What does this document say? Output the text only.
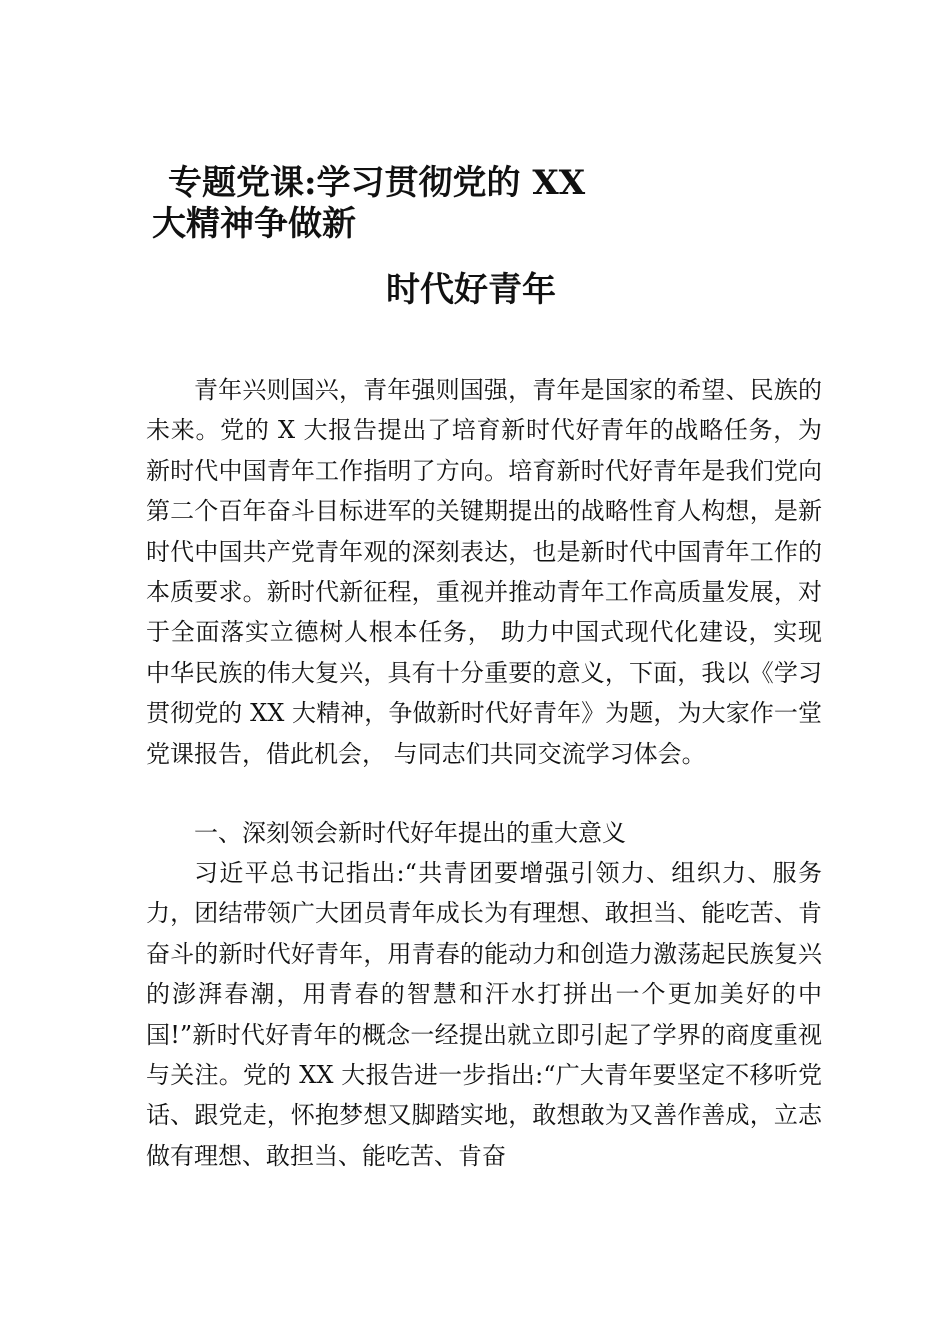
专题党课:学习贯彻党的 XX
大精神争做新
时代好青年

青年兴则国兴，青年强则国强，青年是国家的希望、民族的未来。党的 X 大报告提出了培育新时代好青年的战略任务，为新时代中国青年工作指明了方向。培育新时代好青年是我们党向第二个百年奋斗目标进军的关键期提出的战略性育人构想，是新时代中国共产党青年观的深刻表达，也是新时代中国青年工作的本质要求。新时代新征程，重视并推动青年工作高质量发展，对于全面落实立德树人根本任务， 助力中国式现代化建设，实现中华民族的伟大复兴，具有十分重要的意义，下面，我以《学习贯彻党的 XX 大精神，争做新时代好青年》为题，为大家作一堂党课报告，借此机会， 与同志们共同交流学习体会。

一、深刻领会新时代好年提出的重大意义

习近平总书记指出:“共青团要增强引领力、组织力、服务力，团结带领广大团员青年成长为有理想、敢担当、能吃苦、肯奋斗的新时代好青年，用青春的能动力和创造力激荡起民族复兴的澎湃春潮，用青春的智慧和汗水打拼出一个更加美好的中国!”新时代好青年的概念一经提出就立即引起了学界的商度重视与关注。党的 XX 大报告进一步指出:“广大青年要坚定不移听党话、跟党走，怀抱梦想又脚踏实地，敢想敢为又善作善成，立志做有理想、敢担当、能吃苦、肯奋
